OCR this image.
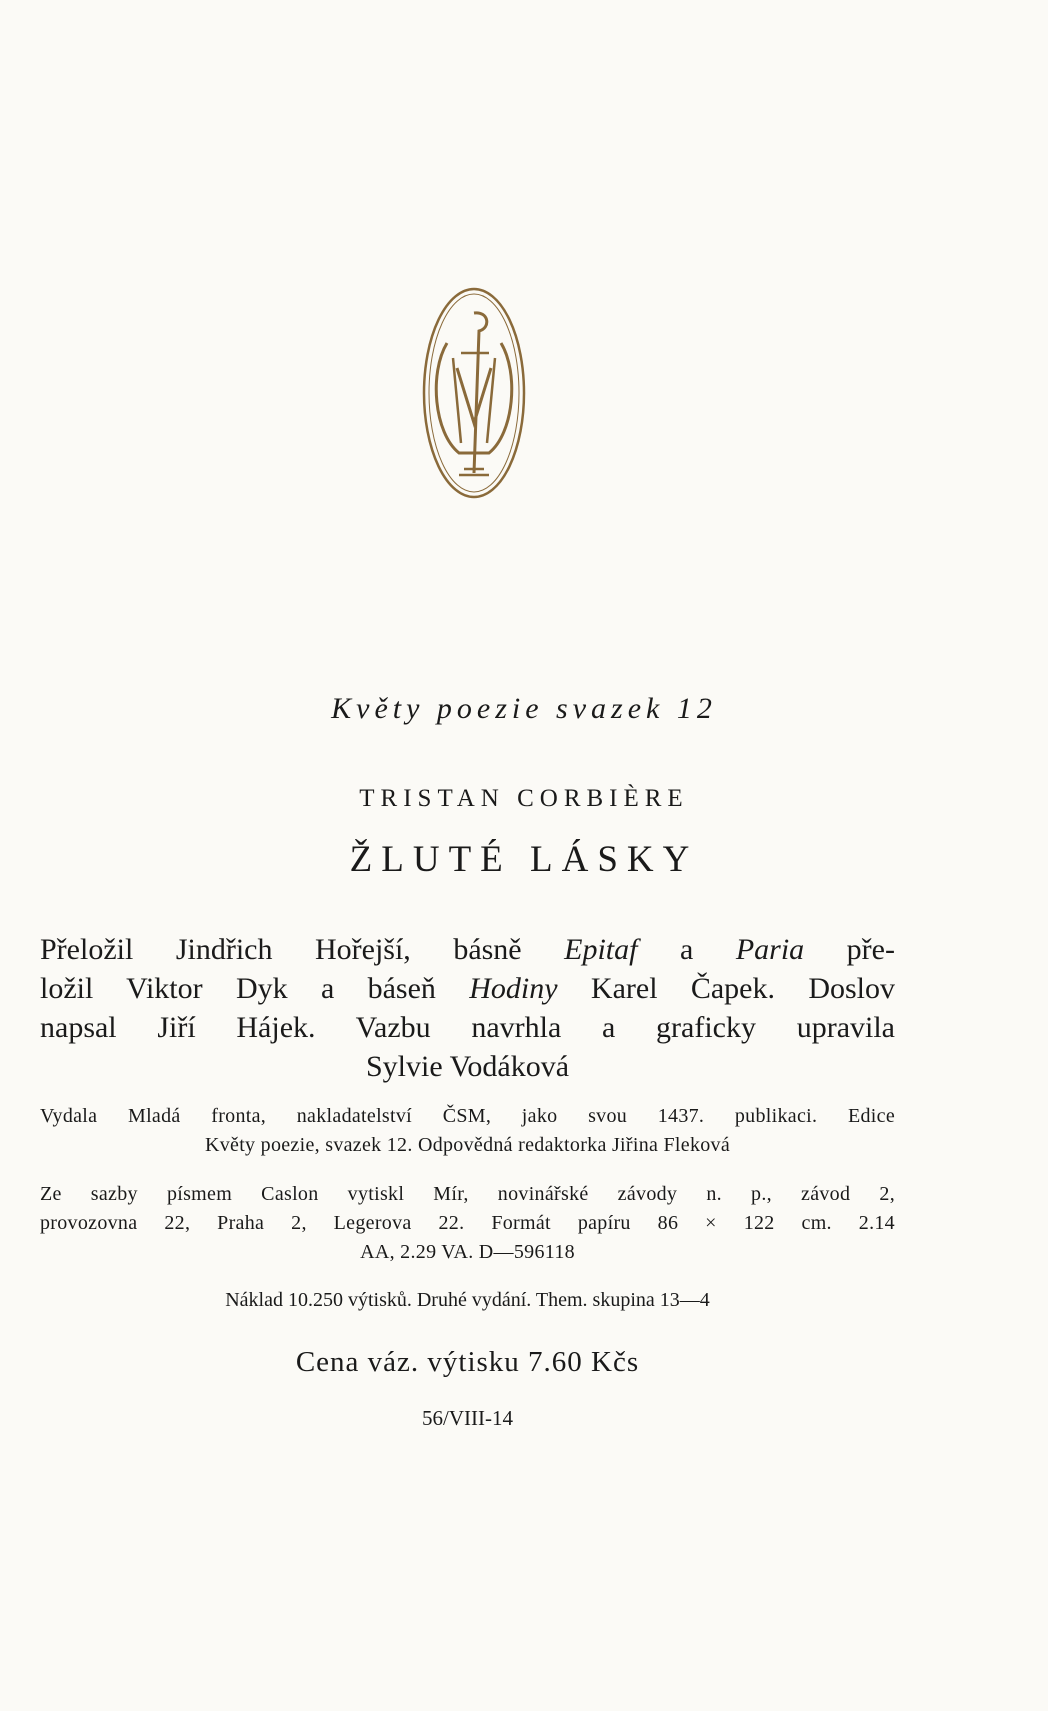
Květy poezie svazek 12
TRISTAN CORBIÈRE
ŽLUTÉ LÁSKY
Přeložil Jindřich Hořejší, básně Epitaf a Paria pře-
ložil Viktor Dyk a báseň Hodiny Karel Čapek. Doslov
napsal Jiří Hájek. Vazbu navrhla a graficky upravila
Sylvie Vodáková
Vydala Mladá fronta, nakladatelství ČSM, jako svou 1437. publikaci. Edice
Květy poezie, svazek 12. Odpovědná redaktorka Jiřina Fleková
Ze sazby písmem Caslon vytiskl Mír, novinářské závody n. p., závod 2,
provozovna 22, Praha 2, Legerova 22. Formát papíru 86 × 122 cm. 2.14
AA, 2.29 VA. D—596118
Náklad 10.250 výtisků. Druhé vydání. Them. skupina 13—4
Cena váz. výtisku 7.60 Kčs
56/VIII-14
